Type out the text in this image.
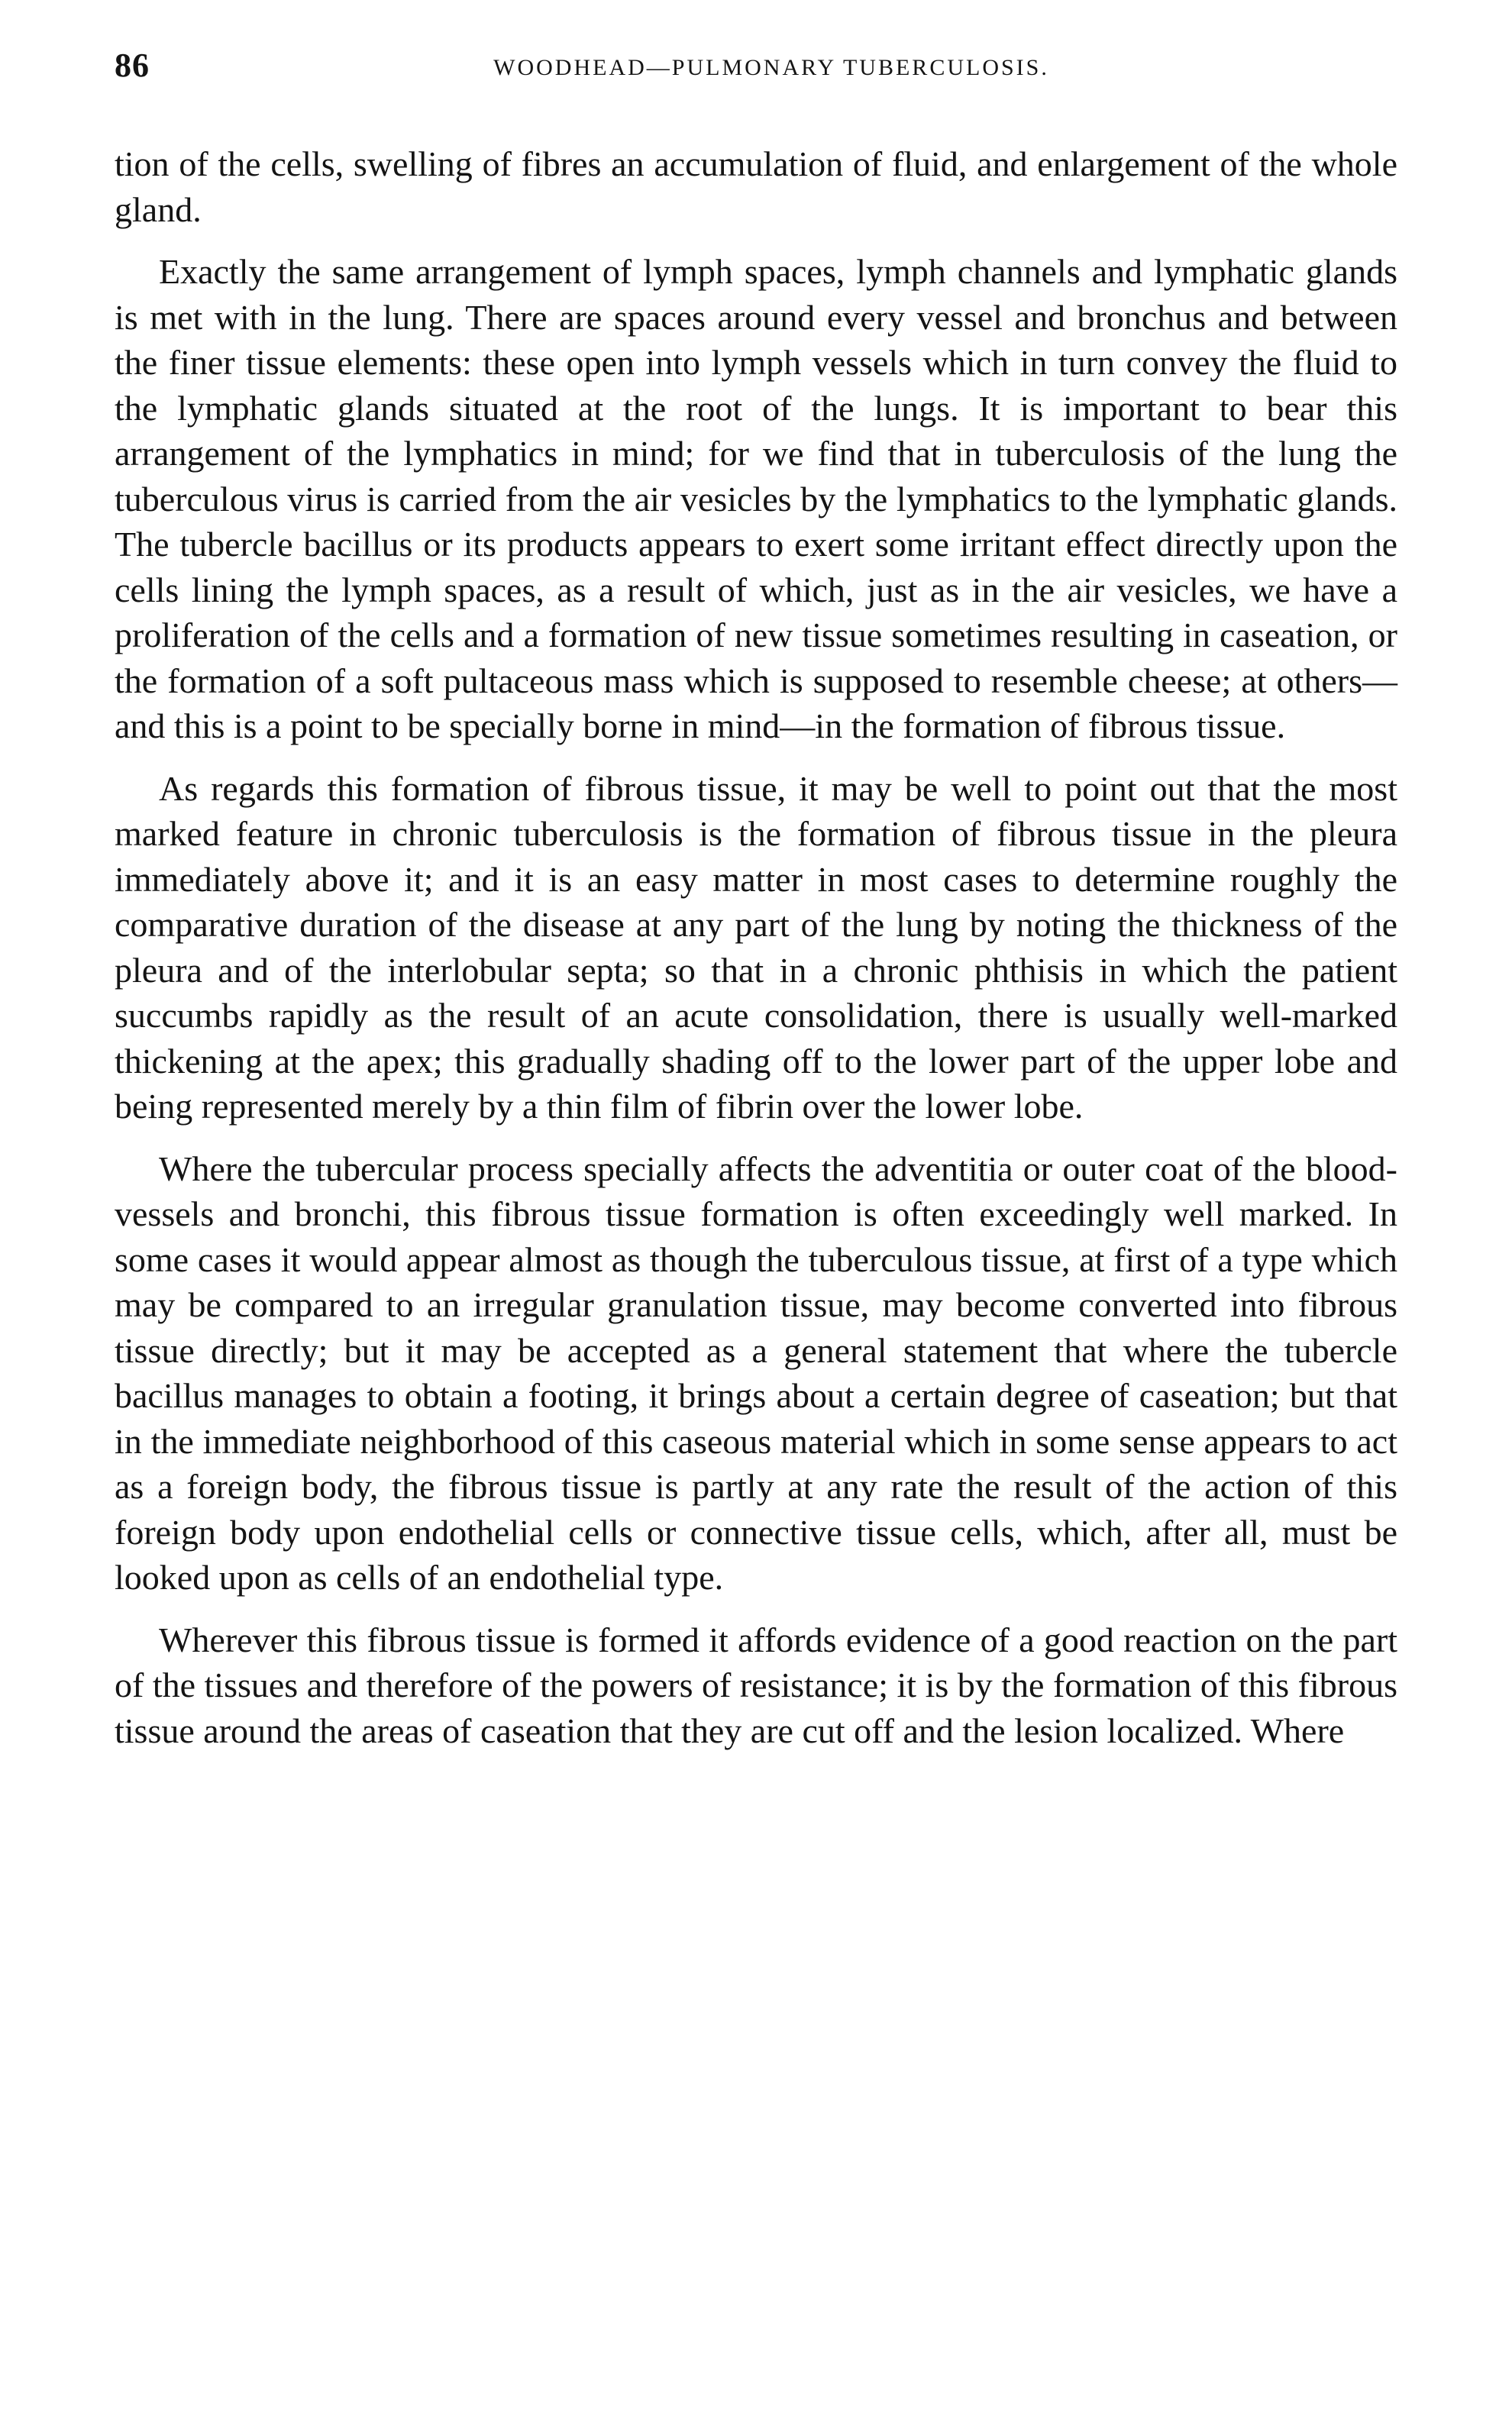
86	WOODHEAD—PULMONARY TUBERCULOSIS.

tion of the cells, swelling of fibres an accumulation of fluid, and enlargement of the whole gland.

Exactly the same arrangement of lymph spaces, lymph channels and lymphatic glands is met with in the lung. There are spaces around every vessel and bronchus and between the finer tissue elements: these open into lymph vessels which in turn convey the fluid to the lymphatic glands situated at the root of the lungs. It is important to bear this arrangement of the lymphatics in mind; for we find that in tuberculosis of the lung the tuberculous virus is carried from the air vesicles by the lymphatics to the lymphatic glands. The tubercle bacillus or its products appears to exert some irritant effect directly upon the cells lining the lymph spaces, as a result of which, just as in the air vesicles, we have a proliferation of the cells and a formation of new tissue sometimes resulting in caseation, or the formation of a soft pultaceous mass which is supposed to resemble cheese; at others—and this is a point to be specially borne in mind—in the formation of fibrous tissue.

As regards this formation of fibrous tissue, it may be well to point out that the most marked feature in chronic tuberculosis is the formation of fibrous tissue in the pleura immediately above it; and it is an easy matter in most cases to determine roughly the comparative duration of the disease at any part of the lung by noting the thickness of the pleura and of the interlobular septa; so that in a chronic phthisis in which the patient succumbs rapidly as the result of an acute consolidation, there is usually well-marked thickening at the apex; this gradually shading off to the lower part of the upper lobe and being represented merely by a thin film of fibrin over the lower lobe.

Where the tubercular process specially affects the adventitia or outer coat of the blood-vessels and bronchi, this fibrous tissue formation is often exceedingly well marked. In some cases it would appear almost as though the tuberculous tissue, at first of a type which may be compared to an irregular granulation tissue, may become converted into fibrous tissue directly; but it may be accepted as a general statement that where the tubercle bacillus manages to obtain a footing, it brings about a certain degree of caseation; but that in the immediate neighborhood of this caseous material which in some sense appears to act as a foreign body, the fibrous tissue is partly at any rate the result of the action of this foreign body upon endothelial cells or connective tissue cells, which, after all, must be looked upon as cells of an endothelial type.

Wherever this fibrous tissue is formed it affords evidence of a good reaction on the part of the tissues and therefore of the powers of resistance; it is by the formation of this fibrous tissue around the areas of caseation that they are cut off and the lesion localized. Where
